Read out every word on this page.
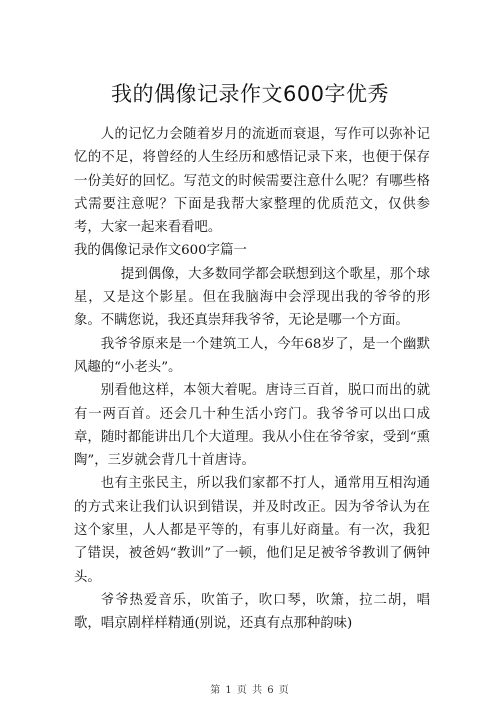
我的偶像记录作文600字优秀

人的记忆力会随着岁月的流逝而衰退，写作可以弥补记忆的不足，将曾经的人生经历和感悟记录下来，也便于保存一份美好的回忆。写范文的时候需要注意什么呢？有哪些格式需要注意呢？下面是我帮大家整理的优质范文，仅供参考，大家一起来看看吧。

我的偶像记录作文600字篇一

提到偶像，大多数同学都会联想到这个歌星，那个球星，又是这个影星。但在我脑海中会浮现出我的爷爷的形象。不瞒您说，我还真崇拜我爷爷，无论是哪一个方面。

我爷爷原来是一个建筑工人，今年68岁了，是一个幽默风趣的“小老头”。

别看他这样，本领大着呢。唐诗三百首，脱口而出的就有一两百首。还会几十种生活小窍门。我爷爷可以出口成章，随时都能讲出几个大道理。我从小住在爷爷家，受到“熏陶”，三岁就会背几十首唐诗。

也有主张民主，所以我们家都不打人，通常用互相沟通的方式来让我们认识到错误，并及时改正。因为爷爷认为在这个家里，人人都是平等的，有事儿好商量。有一次，我犯了错误，被爸妈“教训”了一顿，他们足足被爷爷教训了俩钟头。

爷爷热爱音乐，吹笛子，吹口琴，吹箫，拉二胡，唱歌，唱京剧样样精通(别说，还真有点那种韵味)

第 1 页 共 6 页
